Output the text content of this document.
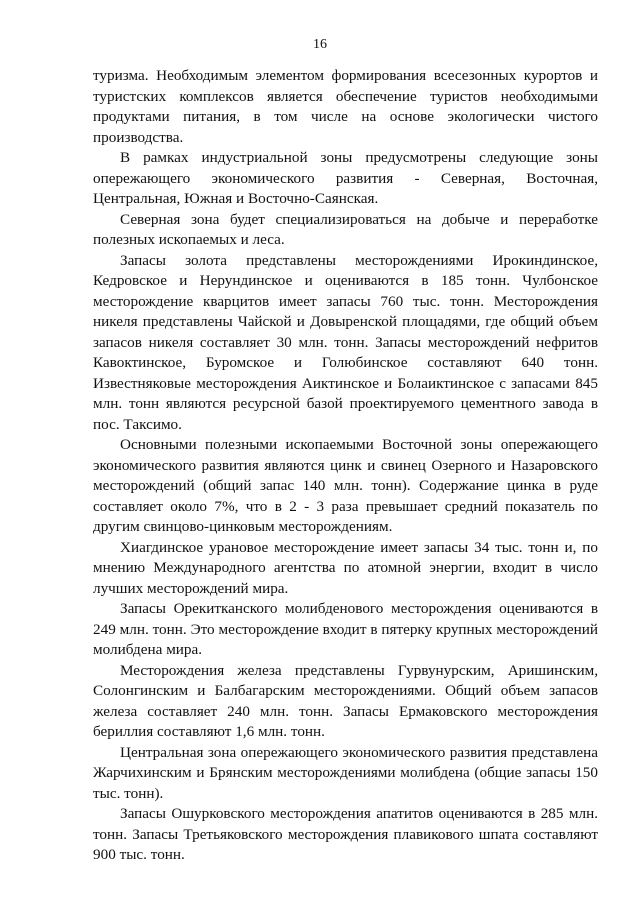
16

туризма. Необходимым элементом формирования всесезонных курортов и туристских комплексов является обеспечение туристов необходимыми продуктами питания, в том числе на основе экологически чистого производства.

В рамках индустриальной зоны предусмотрены следующие зоны опережающего экономического развития - Северная, Восточная, Центральная, Южная и Восточно-Саянская.

Северная зона будет специализироваться на добыче и переработке полезных ископаемых и леса.

Запасы золота представлены месторождениями Ирокиндинское, Кедровское и Нерундинское и оцениваются в 185 тонн. Чулбонское месторождение кварцитов имеет запасы 760 тыс. тонн. Месторождения никеля представлены Чайской и Довыренской площадями, где общий объем запасов никеля составляет 30 млн. тонн. Запасы месторождений нефритов Кавоктинское, Буромское и Голюбинское составляют 640 тонн. Известняковые месторождения Аиктинское и Болаиктинское с запасами 845 млн. тонн являются ресурсной базой проектируемого цементного завода в пос. Таксимо.

Основными полезными ископаемыми Восточной зоны опережающего экономического развития являются цинк и свинец Озерного и Назаровского месторождений (общий запас 140 млн. тонн). Содержание цинка в руде составляет около 7%, что в 2 - 3 раза превышает средний показатель по другим свинцово-цинковым месторождениям.

Хиагдинское урановое месторождение имеет запасы 34 тыс. тонн и, по мнению Международного агентства по атомной энергии, входит в число лучших месторождений мира.

Запасы Орекитканского молибденового месторождения оцениваются в 249 млн. тонн. Это месторождение входит в пятерку крупных месторождений молибдена мира.

Месторождения железа представлены Гурвунурским, Аришинским, Солонгинским и Балбагарским месторождениями. Общий объем запасов железа составляет 240 млн. тонн. Запасы Ермаковского месторождения бериллия составляют 1,6 млн. тонн.

Центральная зона опережающего экономического развития представлена Жарчихинским и Брянским месторождениями молибдена (общие запасы 150 тыс. тонн).

Запасы Ошурковского месторождения апатитов оцениваются в 285 млн. тонн. Запасы Третьяковского месторождения плавикового шпата составляют 900 тыс. тонн.
